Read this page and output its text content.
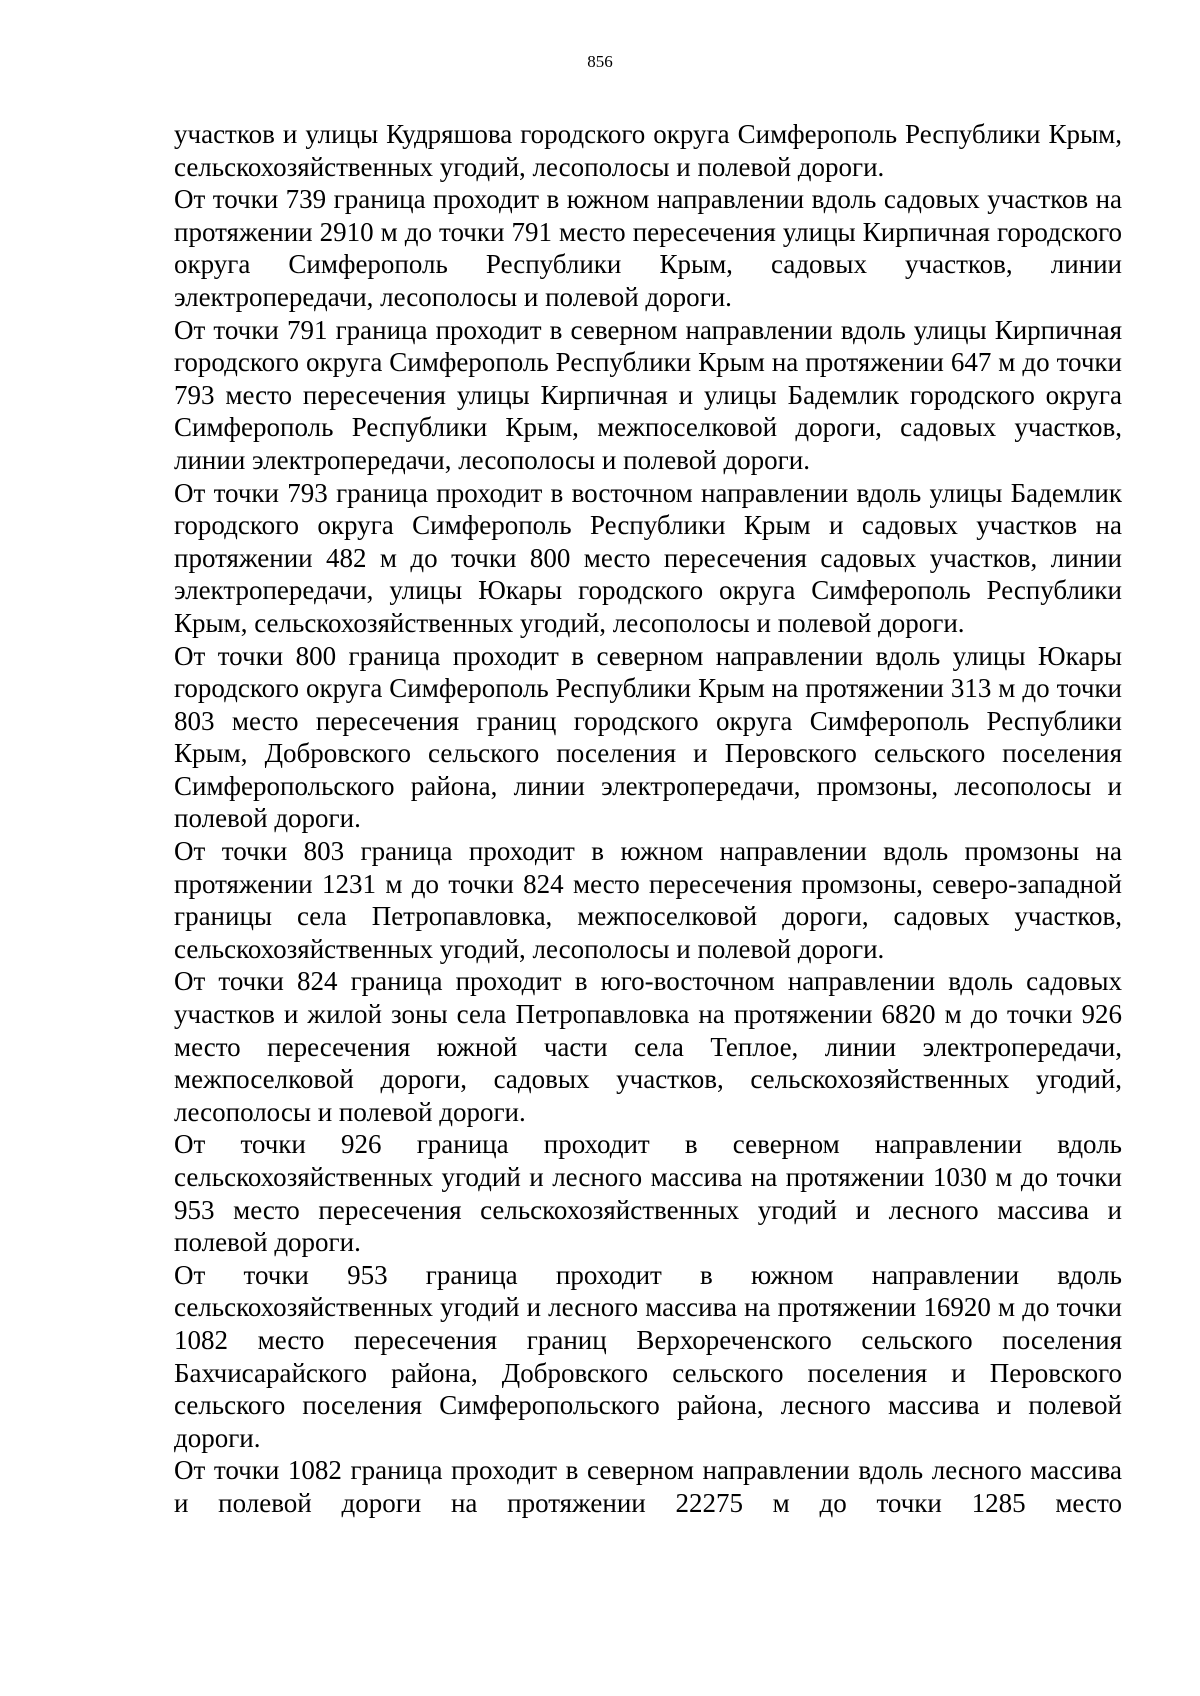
856

участков и улицы Кудряшова городского округа Симферополь Республики Крым, сельскохозяйственных угодий, лесополосы и полевой дороги.

От точки 739 граница проходит в южном направлении вдоль садовых участков на протяжении 2910 м до точки 791 место пересечения улицы Кирпичная городского округа Симферополь Республики Крым, садовых участков, линии электропередачи, лесополосы и полевой дороги.

От точки 791 граница проходит в северном направлении вдоль улицы Кирпичная городского округа Симферополь Республики Крым на протяжении 647 м до точки 793 место пересечения улицы Кирпичная и улицы Бадемлик городского округа Симферополь Республики Крым, межпоселковой дороги, садовых участков, линии электропередачи, лесополосы и полевой дороги.

От точки 793 граница проходит в восточном направлении вдоль улицы Бадемлик городского округа Симферополь Республики Крым и садовых участков на протяжении 482 м до точки 800 место пересечения садовых участков, линии электропередачи, улицы Юкары городского округа Симферополь Республики Крым, сельскохозяйственных угодий, лесополосы и полевой дороги.

От точки 800 граница проходит в северном направлении вдоль улицы Юкары городского округа Симферополь Республики Крым на протяжении 313 м до точки 803 место пересечения границ городского округа Симферополь Республики Крым, Добровского сельского поселения и Перовского сельского поселения Симферопольского района, линии электропередачи, промзоны, лесополосы и полевой дороги.

От точки 803 граница проходит в южном направлении вдоль промзоны на протяжении 1231 м до точки 824 место пересечения промзоны, северо-западной границы села Петропавловка, межпоселковой дороги, садовых участков, сельскохозяйственных угодий, лесополосы и полевой дороги.

От точки 824 граница проходит в юго-восточном направлении вдоль садовых участков и жилой зоны села Петропавловка на протяжении 6820 м до точки 926 место пересечения южной части села Теплое, линии электропередачи, межпоселковой дороги, садовых участков, сельскохозяйственных угодий, лесополосы и полевой дороги.

От точки 926 граница проходит в северном направлении вдоль сельскохозяйственных угодий и лесного массива на протяжении 1030 м до точки 953 место пересечения сельскохозяйственных угодий и лесного массива и полевой дороги.

От точки 953 граница проходит в южном направлении вдоль сельскохозяйственных угодий и лесного массива на протяжении 16920 м до точки 1082 место пересечения границ Верхореченского сельского поселения Бахчисарайского района, Добровского сельского поселения и Перовского сельского поселения Симферопольского района, лесного массива и полевой дороги.

От точки 1082 граница проходит в северном направлении вдоль лесного массива и полевой дороги на протяжении 22275 м до точки 1285 место
